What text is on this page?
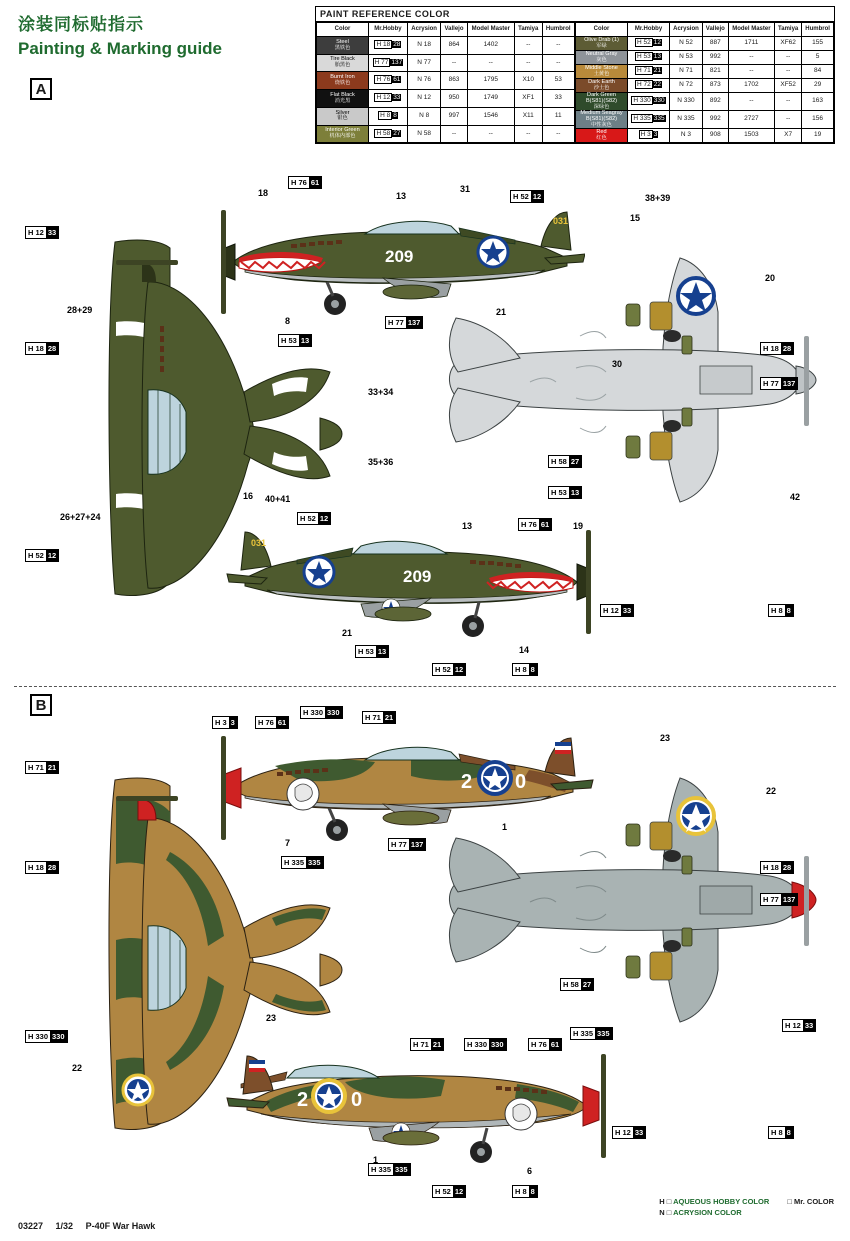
涂装同标贴指示
Painting & Marking guide
PAINT REFERENCE COLOR
Color	Mr.Hobby	Acrysion	Vallejo	Model Master	Tamiya	Humbrol
Steel
黑铁色	H 18 28	N 18	864	1402	--	--
Tire Black
胎黑色	H 77 137	N 77	--	--	--	--
Burnt Iron
烧铁色	H 76 61	N 76	863	1795	X10	53
Flat Black
消光黑	H 12 33	N 12	950	1749	XF1	33
Silver
银色	H 8 8	N 8	997	1546	X11	11
Interior Green
机体内部色	H 58 27	N 58	--	--	--	--
Color	Mr.Hobby	Acrysion	Vallejo	Model Master	Tamiya	Humbrol
Olive Drab (1)
军绿	H 52 12	N 52	887	1711	XF62	155
Neutral Gray
灰色	H 53 13	N 53	992	--	--	5
Middle Stone
土黄色	H 71 21	N 71	821	--	--	84
Dark Earth
沙土色	H 72 22	N 72	873	1702	XF52	29
Dark Green B(S81)(S82)
深绿色	H 330 330	N 330	892	--	--	163
Medium Seagray B(S81)(S82)
中性灰色	H 335 335	N 335	992	2727	--	156
Red
红色	H 3 3	N 3	908	1503	X7	19
A
209
031
031
209
B
2 0
2 0
H 12 33
H 18 28
H 52 12
H 76 61
H 52 12
H 77 137
H 53 13
H 18 28
H 77 137
H 58 27
H 53 13
H 52 12
H 76 61
H 12 33	H 8 8
H 53 13
H 52 12	H 8 8
18	13
31
38+39
15
20
8
21
28+29
30
33+34
35+36
42
26+27+24
16 40+41
13	19
21
14
H 71 21
H 18 28
H 330 330
H 3 3	H 76 61
H 330 330
H 71 21
H 77 137
H 335 335
H 18 28
H 77 137
H 58 27
H 12 33
H 335 335
H 71 21	H 330 330	H 76 61
H 12 33	H 8 8
H 335 335
H 52 12	H 8 8
23
22
7
1
23
22
1
6
H □ AQUEOUS HOBBY COLOR □ Mr. COLOR
N □ ACRYSION COLOR
03227 1/32 P-40F War Hawk
